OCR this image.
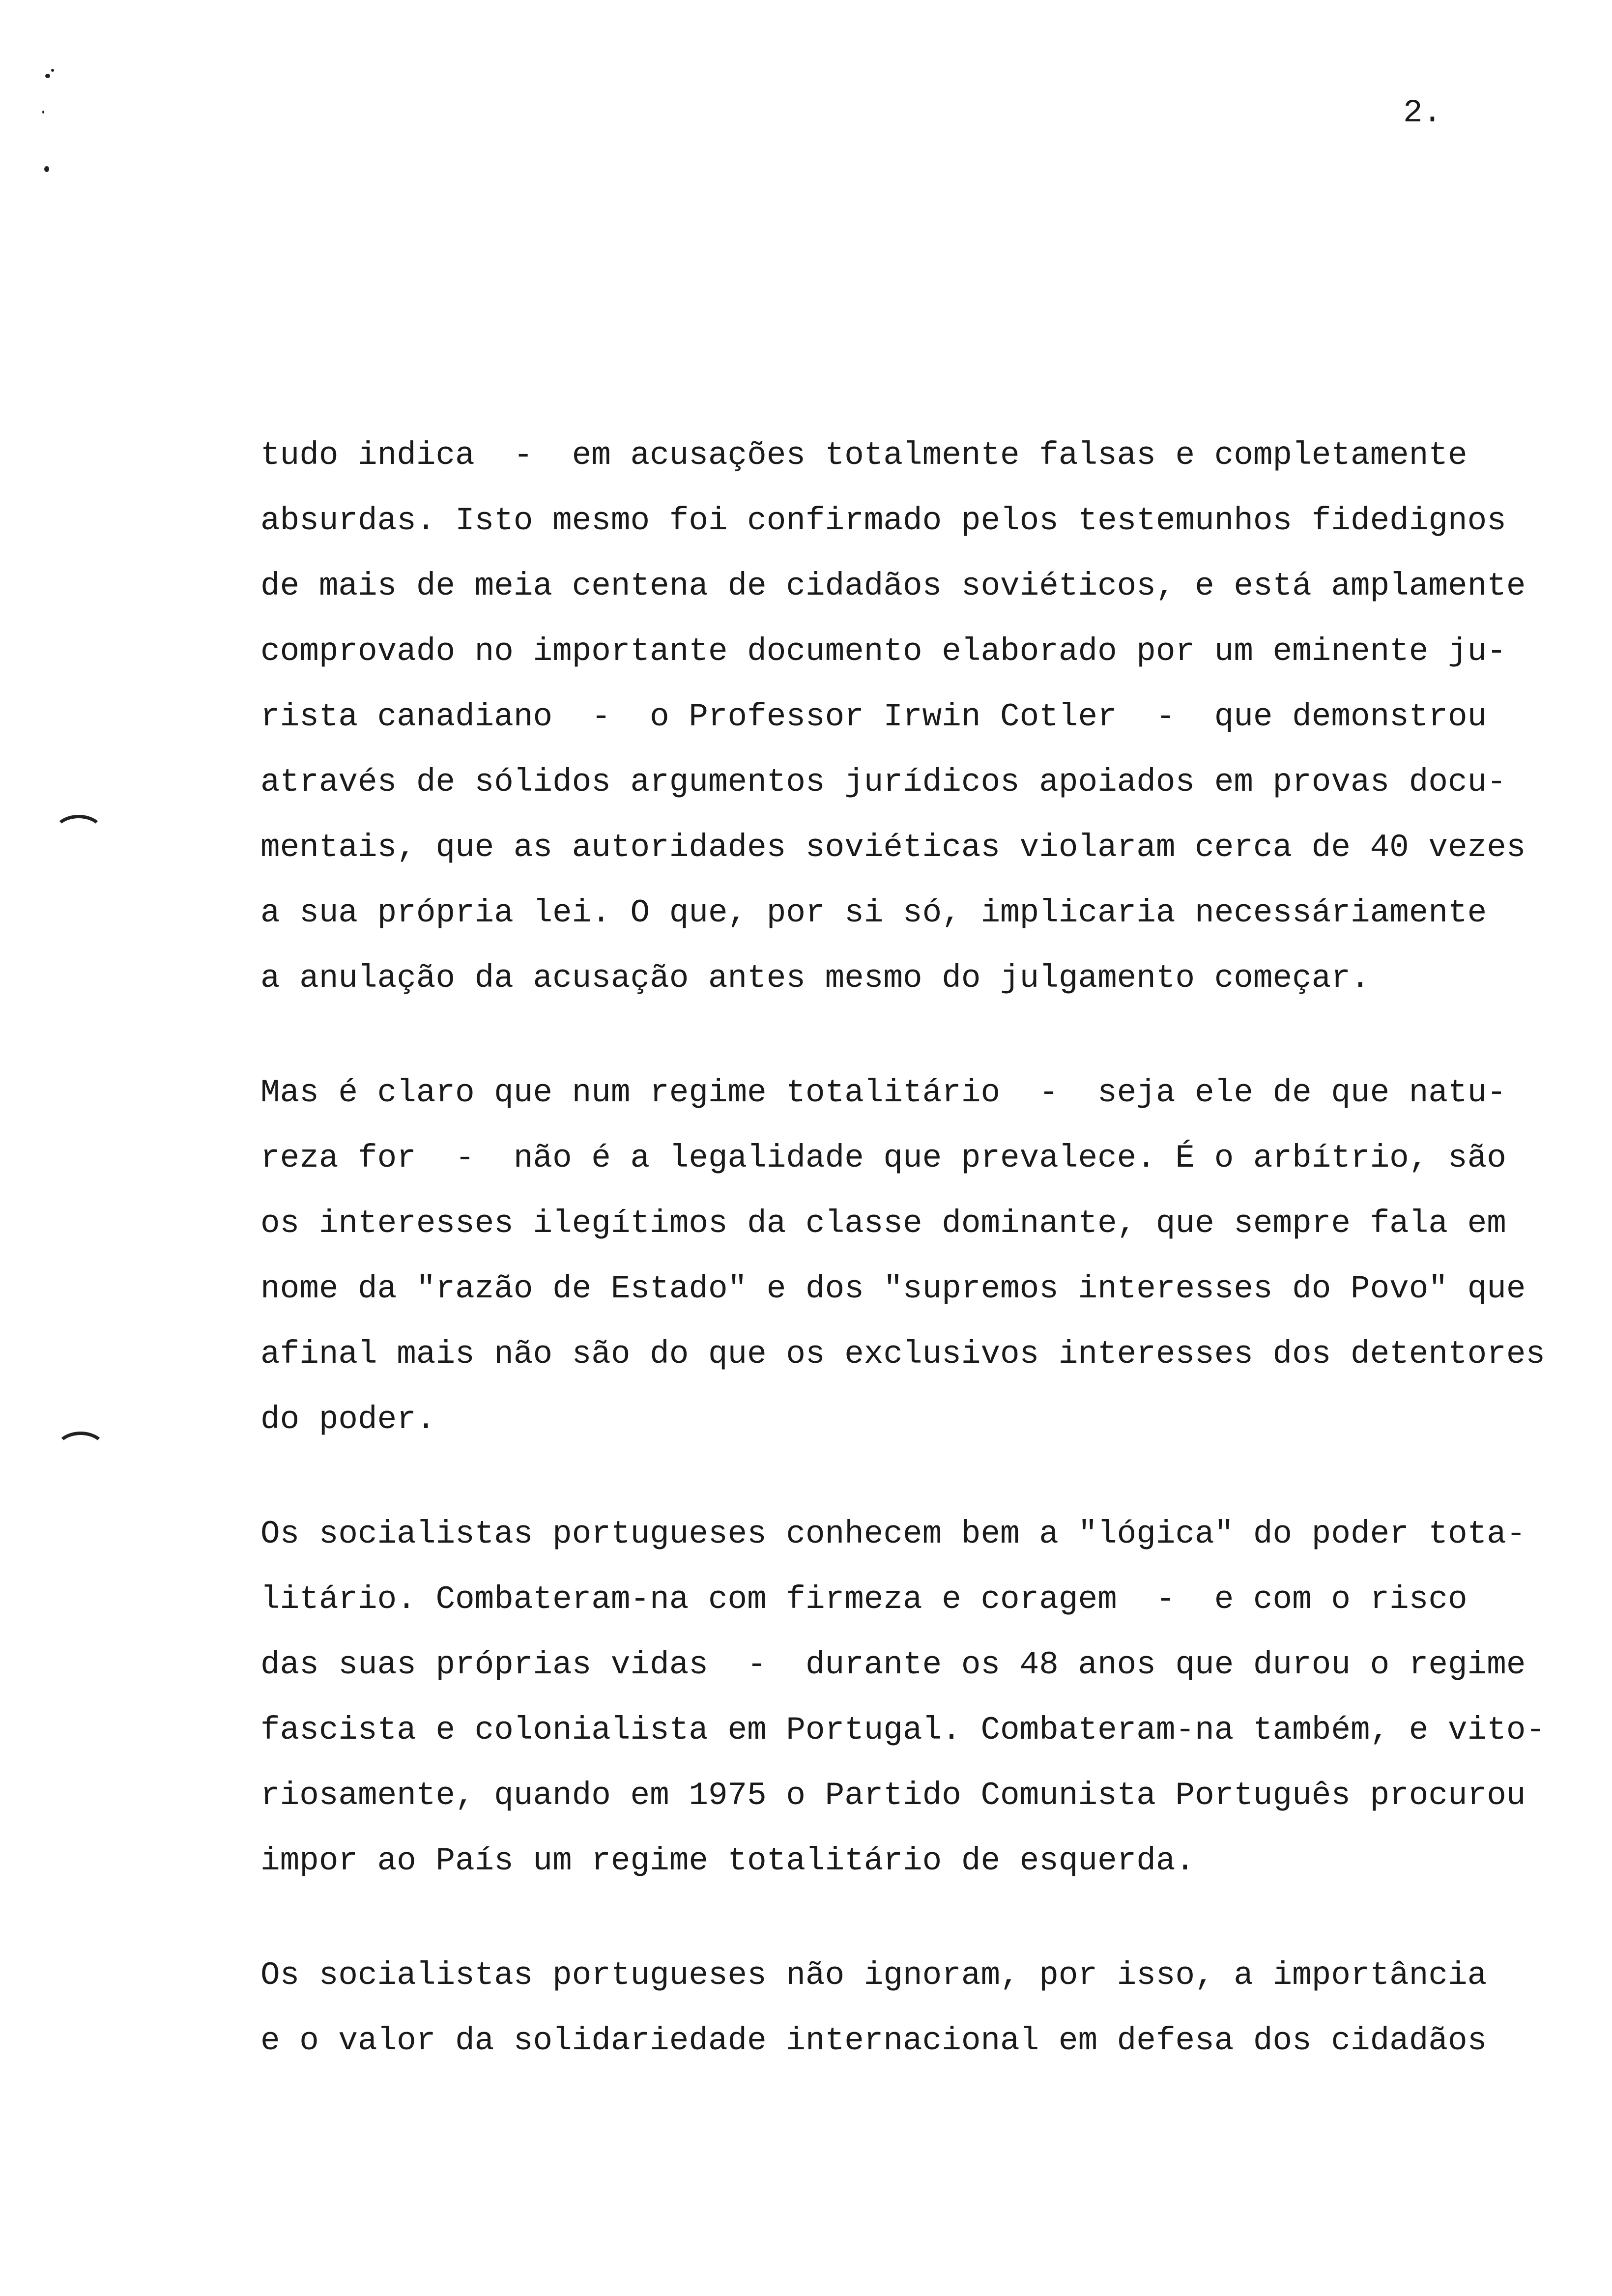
2.
tudo indica  -  em acusações totalmente falsas e completamente
absurdas. Isto mesmo foi confirmado pelos testemunhos fidedignos
de mais de meia centena de cidadãos soviéticos, e está amplamente
comprovado no importante documento elaborado por um eminente ju-
rista canadiano  -  o Professor Irwin Cotler  -  que demonstrou
através de sólidos argumentos jurídicos apoiados em provas docu-
mentais, que as autoridades soviéticas violaram cerca de 40 vezes
a sua própria lei. O que, por si só, implicaria necessáriamente
a anulação da acusação antes mesmo do julgamento começar.
Mas é claro que num regime totalitário  -  seja ele de que natu-
reza for  -  não é a legalidade que prevalece. É o arbítrio, são
os interesses ilegítimos da classe dominante, que sempre fala em
nome da "razão de Estado" e dos "supremos interesses do Povo" que
afinal mais não são do que os exclusivos interesses dos detentores
do poder.
Os socialistas portugueses conhecem bem a "lógica" do poder tota-
litário. Combateram-na com firmeza e coragem  -  e com o risco
das suas próprias vidas  -  durante os 48 anos que durou o regime
fascista e colonialista em Portugal. Combateram-na também, e vito-
riosamente, quando em 1975 o Partido Comunista Português procurou
impor ao País um regime totalitário de esquerda.
Os socialistas portugueses não ignoram, por isso, a importância
e o valor da solidariedade internacional em defesa dos cidadãos
